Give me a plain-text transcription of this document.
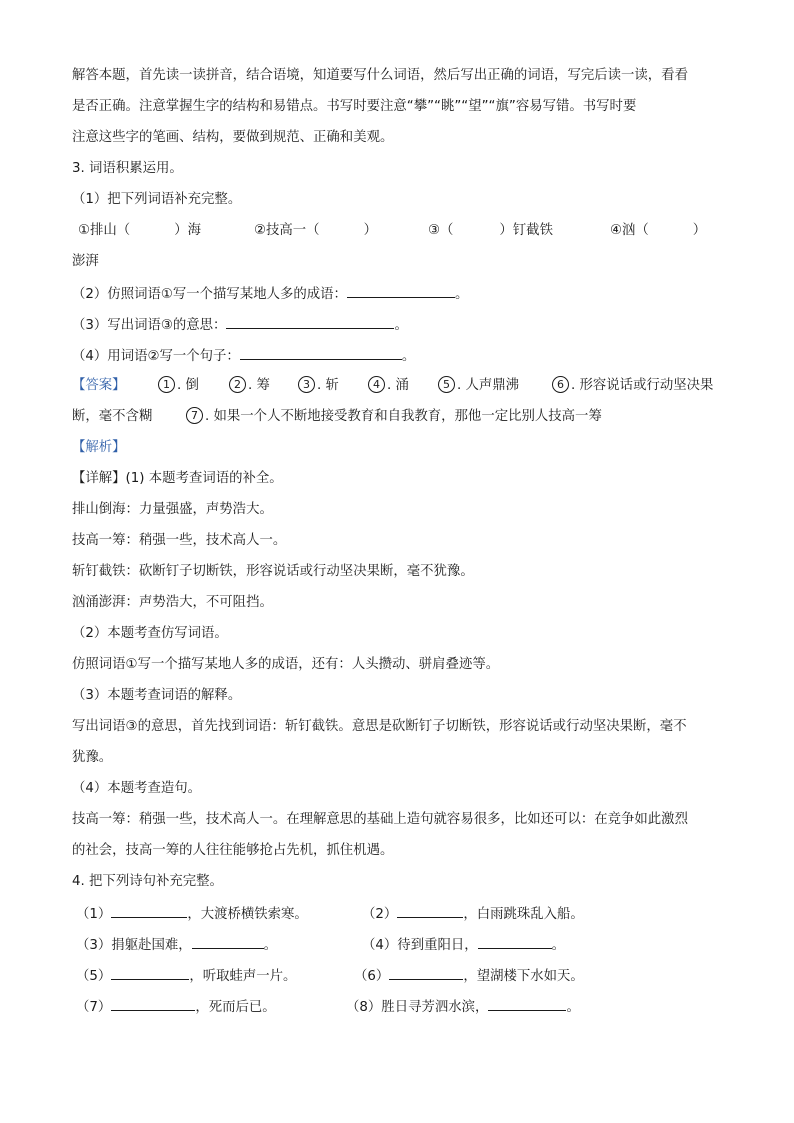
解答本题，首先读一读拼音，结合语境，知道要写什么词语，然后写出正确的词语，写完后读一读，看看
是否正确。注意掌握生字的结构和易错点。书写时要注意“攀”“眺”“望”“旗”容易写错。书写时要
注意这些字的笔画、结构，要做到规范、正确和美观。
3. 词语积累运用。
（1）把下列词语补充完整。
①排山（	）海	②技高一（	）	③（	）钉截铁	④汹（	）
澎湃
（2）仿照词语①写一个描写某地人多的成语：	。
（3）写出词语③的意思：	。
（4）用词语②写一个句子：	。
【答案】	1 . 倒	2 . 筹	3 . 斩	4 . 涌	5 . 人声鼎沸	6 . 形容说话或行动坚决果
断，毫不含糊	7 . 如果一个人不断地接受教育和自我教育，那他一定比别人技高一筹
【解析】
【详解】(1) 本题考查词语的补全。
排山倒海：力量强盛，声势浩大。
技高一筹：稍强一些，技术高人一。
斩钉截铁：砍断钉子切断铁，形容说话或行动坚决果断，毫不犹豫。
汹涌澎湃：声势浩大，不可阻挡。
（2）本题考查仿写词语。
仿照词语①写一个描写某地人多的成语，还有：人头攒动、骈肩叠迹等。
（3）本题考查词语的解释。
写出词语③的意思，首先找到词语：斩钉截铁。意思是砍断钉子切断铁，形容说话或行动坚决果断，毫不
犹豫。
（4）本题考查造句。
技高一筹：稍强一些，技术高人一。在理解意思的基础上造句就容易很多，比如还可以：在竞争如此激烈
的社会，技高一筹的人往往能够抢占先机，抓住机遇。
4. 把下列诗句补充完整。
（1）	，大渡桥横铁索寒。	（2）	，白雨跳珠乱入船。
（3）捐躯赴国难，	。	（4）待到重阳日，	。
（5）	，听取蛙声一片。	（6）	，望湖楼下水如天。
（7）	，死而后已。	（8）胜日寻芳泗水滨，	。
